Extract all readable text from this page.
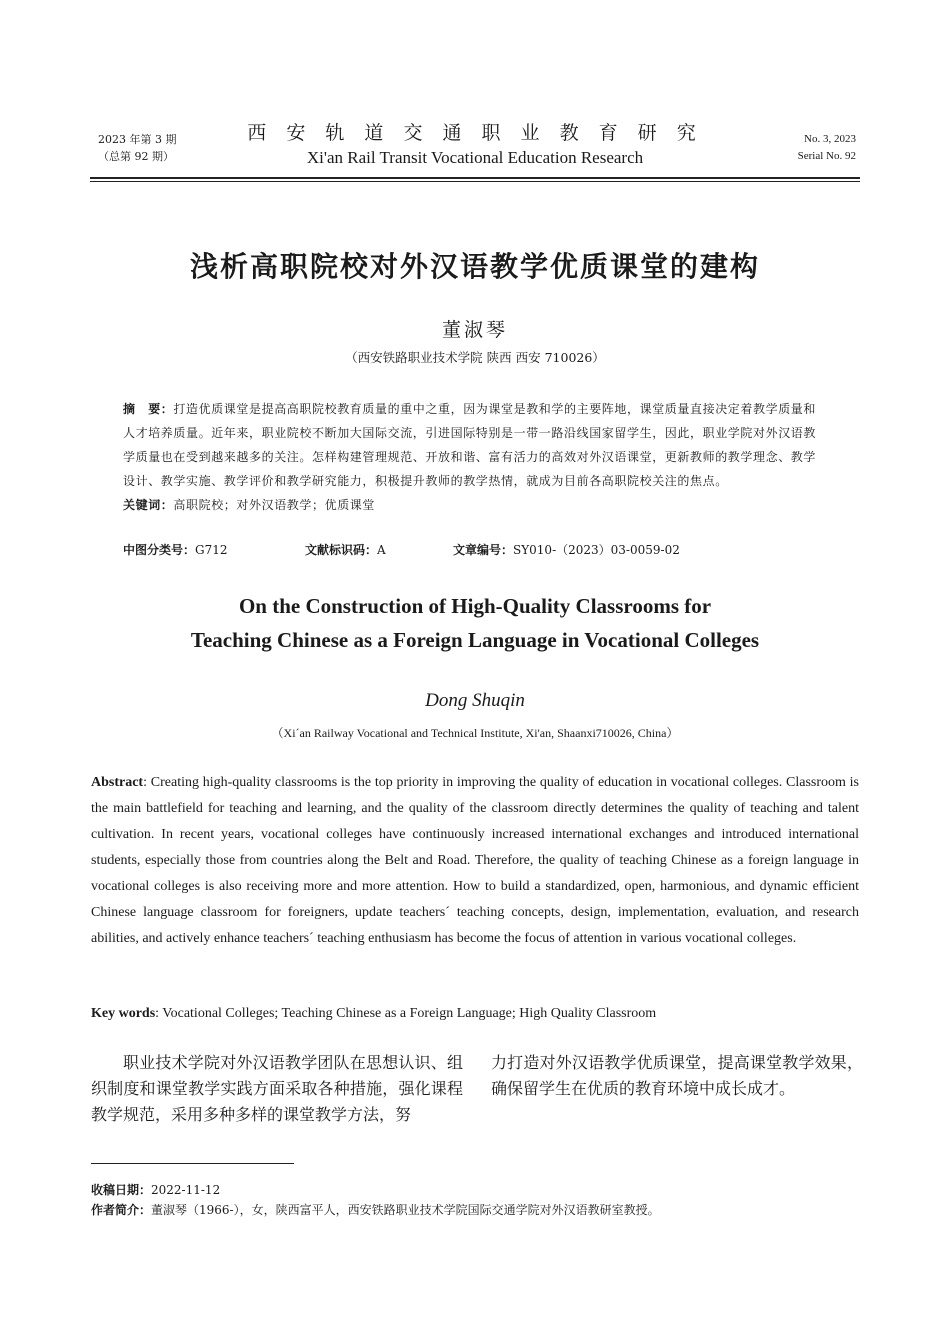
2023 年第 3 期
（总第 92 期）
西 安 轨 道 交 通 职 业 教 育 研 究
Xi'an Rail Transit Vocational Education Research
No. 3, 2023
Serial No. 92
浅析高职院校对外汉语教学优质课堂的建构
董淑琴
（西安铁路职业技术学院 陕西 西安 710026）
摘　要：打造优质课堂是提高高职院校教育质量的重中之重，因为课堂是教和学的主要阵地，课堂质量直接决定着教学质量和人才培养质量。近年来，职业院校不断加大国际交流，引进国际特别是一带一路沿线国家留学生，因此，职业学院对外汉语教学质量也在受到越来越多的关注。怎样构建管理规范、开放和谐、富有活力的高效对外汉语课堂，更新教师的教学理念、教学设计、教学实施、教学评价和教学研究能力，积极提升教师的教学热情，就成为目前各高职院校关注的焦点。
关键词：高职院校；对外汉语教学；优质课堂
中图分类号：G712	文献标识码：A	文章编号：SY010-（2023）03-0059-02
On the Construction of High-Quality Classrooms for
Teaching Chinese as a Foreign Language in Vocational Colleges
Dong Shuqin
（Xi´an Railway Vocational and Technical Institute, Xi'an, Shaanxi710026, China）
Abstract: Creating high-quality classrooms is the top priority in improving the quality of education in vocational colleges. Classroom is the main battlefield for teaching and learning, and the quality of the classroom directly determines the quality of teaching and talent cultivation. In recent years, vocational colleges have continuously increased international exchanges and introduced international students, especially those from countries along the Belt and Road. Therefore, the quality of teaching Chinese as a foreign language in vocational colleges is also receiving more and more attention. How to build a standardized, open, harmonious, and dynamic efficient Chinese language classroom for foreigners, update teachers´ teaching concepts, design, implementation, evaluation, and research abilities, and actively enhance teachers´ teaching enthusiasm has become the focus of attention in various vocational colleges.
Key words: Vocational Colleges; Teaching Chinese as a Foreign Language; High Quality Classroom
职业技术学院对外汉语教学团队在思想认识、组织制度和课堂教学实践方面采取各种措施，强化课程教学规范，采用多种多样的课堂教学方法，努
力打造对外汉语教学优质课堂，提高课堂教学效果，确保留学生在优质的教育环境中成长成才。
收稿日期：2022-11-12
作者简介：董淑琴（1966-），女，陕西富平人，西安铁路职业技术学院国际交通学院对外汉语教研室教授。
